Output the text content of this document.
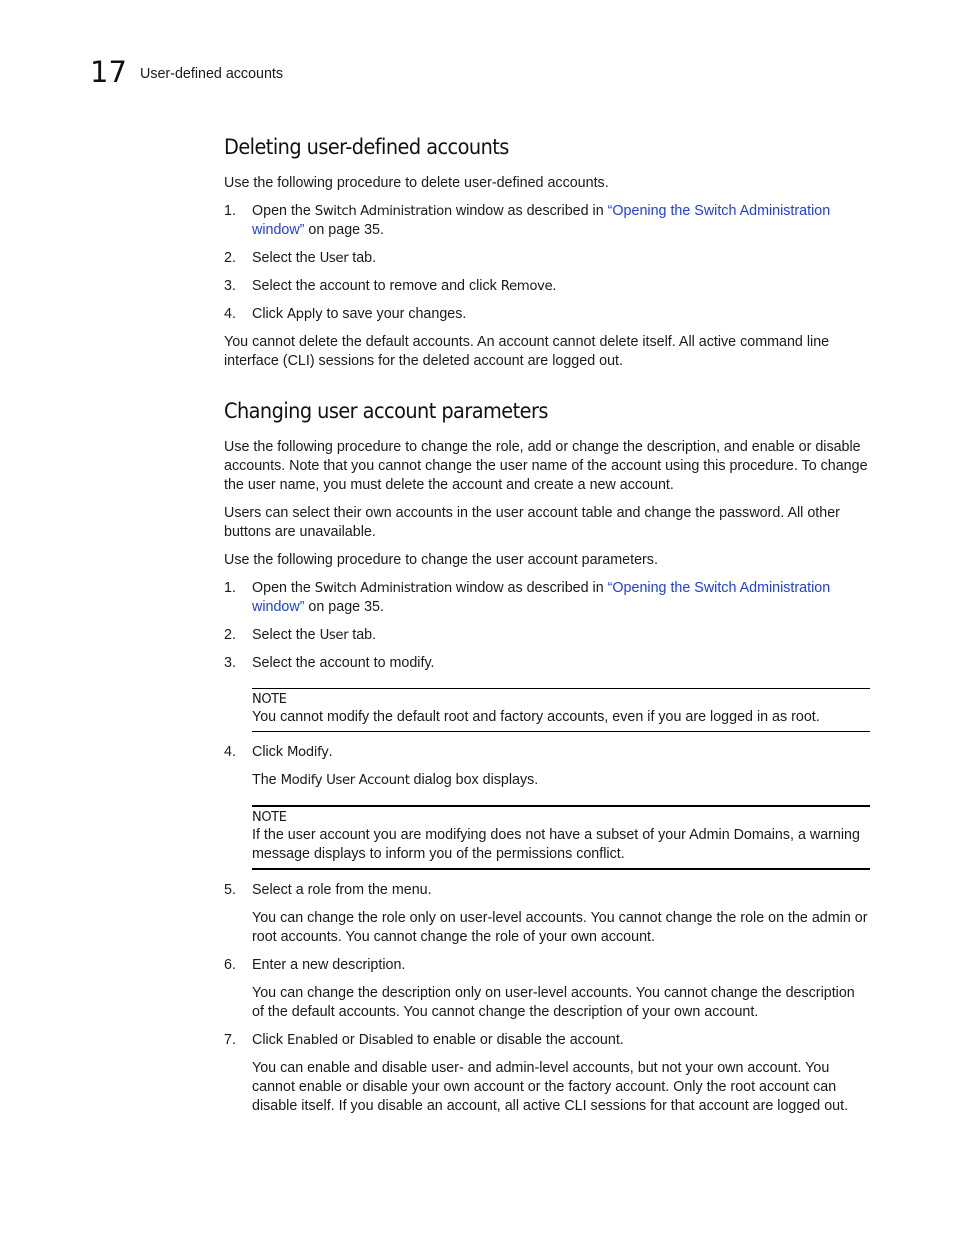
17 User-defined accounts
Deleting user-defined accounts

Use the following procedure to delete user-defined accounts.

1. Open the Switch Administration window as described in “Opening the Switch Administration window” on page 35.
2. Select the User tab.
3. Select the account to remove and click Remove.
4. Click Apply to save your changes.

You cannot delete the default accounts. An account cannot delete itself. All active command line interface (CLI) sessions for the deleted account are logged out.

Changing user account parameters

Use the following procedure to change the role, add or change the description, and enable or disable accounts. Note that you cannot change the user name of the account using this procedure. To change the user name, you must delete the account and create a new account.

Users can select their own accounts in the user account table and change the password. All other buttons are unavailable.

Use the following procedure to change the user account parameters.

1. Open the Switch Administration window as described in “Opening the Switch Administration window” on page 35.
2. Select the User tab.
3. Select the account to modify.
NOTE
You cannot modify the default root and factory accounts, even if you are logged in as root.
4. Click Modify.

The Modify User Account dialog box displays.

NOTE
If the user account you are modifying does not have a subset of your Admin Domains, a warning message displays to inform you of the permissions conflict.
5. Select a role from the menu.

You can change the role only on user-level accounts. You cannot change the role on the admin or root accounts. You cannot change the role of your own account.

6. Enter a new description.

You can change the description only on user-level accounts. You cannot change the description of the default accounts. You cannot change the description of your own account.

7. Click Enabled or Disabled to enable or disable the account.

You can enable and disable user- and admin-level accounts, but not your own account. You cannot enable or disable your own account or the factory account. Only the root account can disable itself. If you disable an account, all active CLI sessions for that account are logged out.
